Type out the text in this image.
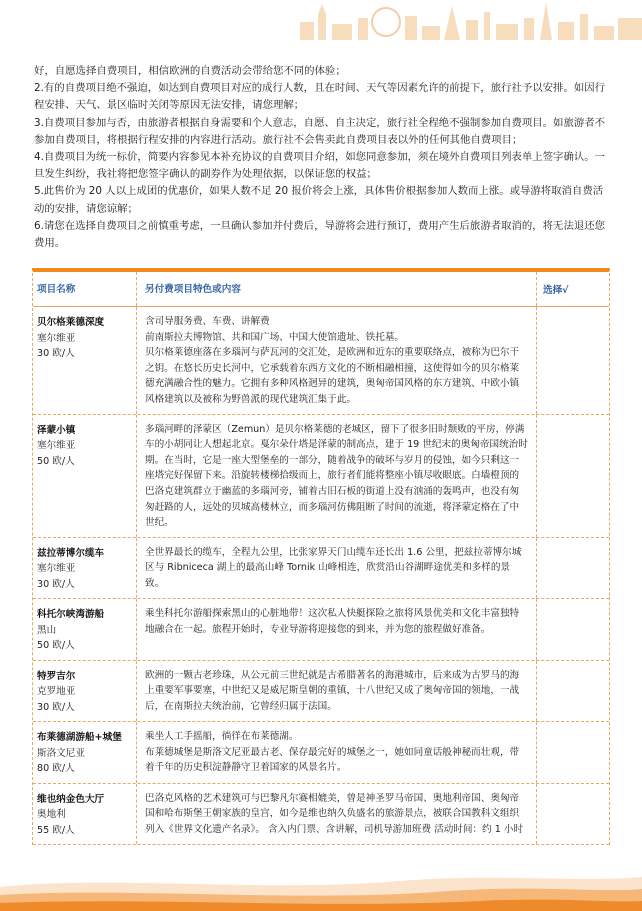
好，自愿选择自费项目，相信欧洲的自费活动会带给您不同的体验；

2.有的自费项目绝不强迫，如达到自费项目对应的成行人数，且在时间、天气等因素允许的前提下，旅行社予以安排。如因行程安排、天气、景区临时关闭等原因无法安排，请您理解；

3.自费项目参加与否，由旅游者根据自身需要和个人意志，自愿、自主决定，旅行社全程绝不强制参加自费项目。如旅游者不参加自费项目，将根据行程安排的内容进行活动。旅行社不会售卖此自费项目表以外的任何其他自费项目；

4.自费项目为统一标价，简要内容参见本补充协议的自费项目介绍，如您同意参加，须在境外自费项目列表单上签字确认。一旦发生纠纷，我社将把您签字确认的副券作为处理依据，以保证您的权益；

5.此售价为 20 人以上成团的优惠价，如果人数不足 20 报价将会上涨，具体售价根据参加人数而上涨。或导游将取消自费活动的安排，请您谅解；

6.请您在选择自费项目之前慎重考虑，一旦确认参加并付费后，导游将会进行预订，费用产生后旅游者取消的，将无法退还您费用。

项目名称	另付费项目特色或内容	选择√
贝尔格莱德深度
塞尔维亚
30 欧/人

含司导服务费、车费、讲解费

前南斯拉夫博物馆、共和国广场、中国大使馆遗址、铁托墓。

贝尔格莱德座落在多瑙河与萨瓦河的交汇处，是欧洲和近东的重要联络点，被称为巴尔干之钥。在悠长历史长河中，它承载着东西方文化的不断相融相撞，这使得如今的贝尔格莱德充满融合性的魅力。它拥有多种风格迥异的建筑，奥匈帝国风格的东方建筑、中欧小镇风格建筑以及被称为野兽派的现代建筑汇集于此。

泽蒙小镇
塞尔维亚
50 欧/人

多瑙河畔的泽蒙区（Zemun）是贝尔格莱德的老城区，留下了很多旧时颓败的平房，停满车的小胡同让人想起北京。戛尔朵什塔是泽蒙的制高点，建于 19 世纪末的奥匈帝国统治时期。在当时，它是一座大型堡垒的一部分，随着战争的破坏与岁月的侵蚀，如今只剩这一座塔完好保留下来。沿旋转楼梯拾级而上，旅行者们能将整座小镇尽收眼底。白墙橙顶的巴洛克建筑群立于幽蓝的多瑙河旁，铺着古旧石板的街道上没有汹涌的轰鸣声，也没有匆匆赶路的人，远处的贝城高楼林立，而多瑙河仿佛阻断了时间的流逝，将泽蒙定格在了中世纪。

兹拉蒂博尔缆车
塞尔维亚
30 欧/人

全世界最长的缆车，全程九公里，比张家界天门山缆车还长出 1.6 公里，把兹拉蒂博尔城区与 Ribnicеca 湖上的最高山峰 Tornik 山峰相连，欣赏沿山谷湖畔途优美和多样的景致。

科托尔峡湾游船
黑山
50 欧/人

乘坐科托尔游船探索黑山的心脏地带！这次私人快艇探险之旅将风景优美和文化丰富独特地融合在一起。旅程开始时，专业导游将迎接您的到来，并为您的旅程做好准备。

特罗吉尔
克罗地亚
30 欧/人

欧洲的一颗古老珍珠，从公元前三世纪就是古希腊著名的海港城市，后来成为古罗马的海上重要军事要塞，中世纪又是威尼斯皇朝的重镇，十八世纪又成了奥匈帝国的领地，一战后，在南斯拉夫统治前，它曾经归属于法国。

布莱德湖游船+城堡
斯洛文尼亚
80 欧/人

乘坐人工手摇船，徜徉在布莱德湖。

布莱德城堡是斯洛文尼亚最古老、保存最完好的城堡之一，她如同童话般神秘而壮观，带着千年的历史积淀静静守卫着国家的风景名片。

维也纳金色大厅
奥地利
55 欧/人

巴洛克风格的艺术建筑可与巴黎凡尔赛相媲美，曾是神圣罗马帝国、奥地利帝国、奥匈帝国和哈布斯堡王朝家族的皇宫，如今是维也纳久负盛名的旅游景点，被联合国教科文组织列入《世界文化遗产名录》。 含入内门票、含讲解，司机导游加班费 活动时间：约 1 小时
